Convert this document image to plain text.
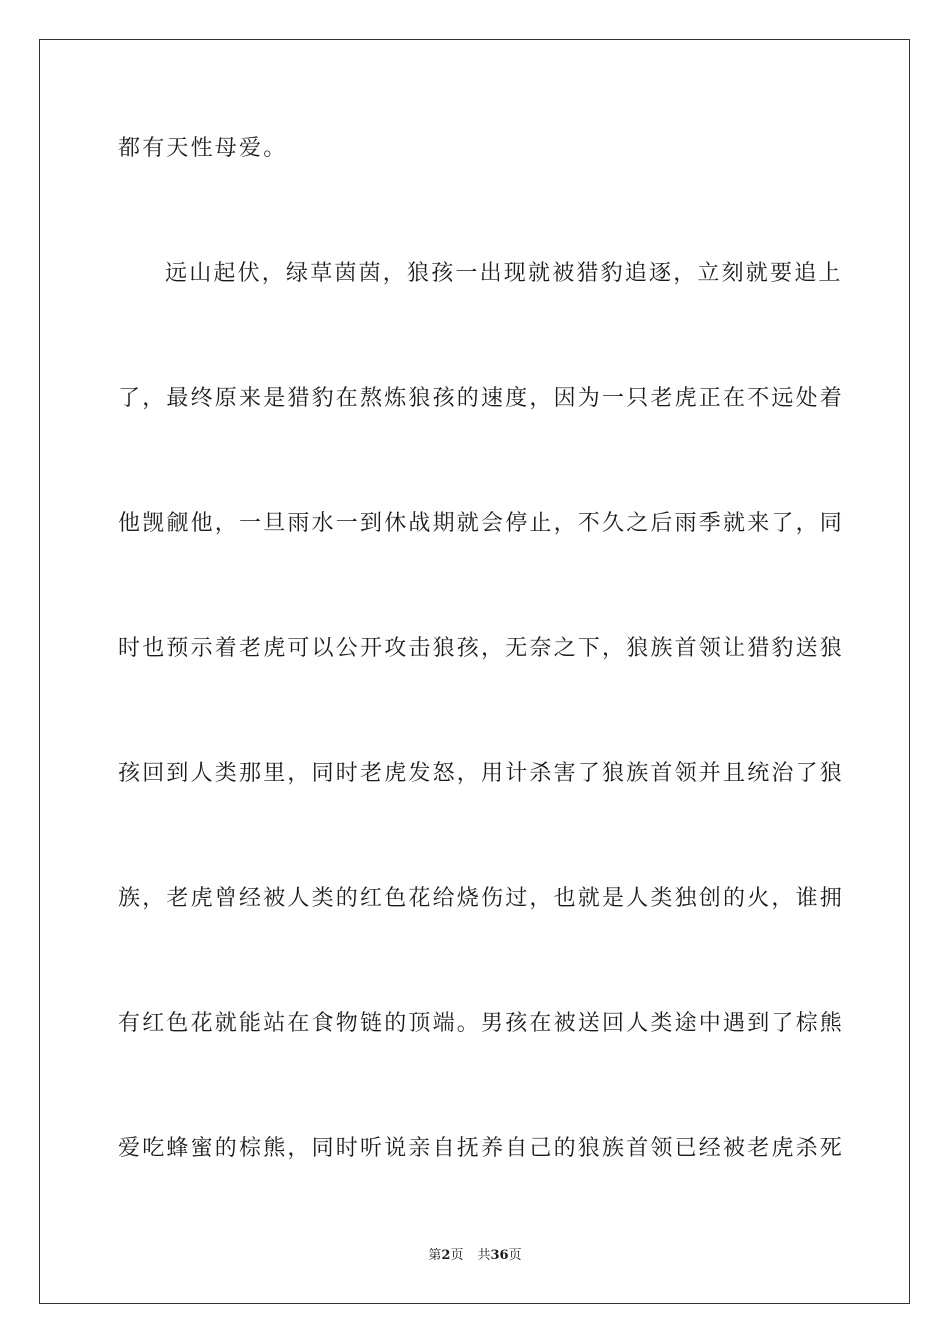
都有天性母爱。
远山起伏，绿草茵茵，狼孩一出现就被猎豹追逐，立刻就要追上
了，最终原来是猎豹在熬炼狼孩的速度，因为一只老虎正在不远处着
他觊觎他，一旦雨水一到休战期就会停止，不久之后雨季就来了，同
时也预示着老虎可以公开攻击狼孩，无奈之下，狼族首领让猎豹送狼
孩回到人类那里，同时老虎发怒，用计杀害了狼族首领并且统治了狼
族，老虎曾经被人类的红色花给烧伤过，也就是人类独创的火，谁拥
有红色花就能站在食物链的顶端。男孩在被送回人类途中遇到了棕熊
爱吃蜂蜜的棕熊，同时听说亲自抚养自己的狼族首领已经被老虎杀死
第2页 共36页
